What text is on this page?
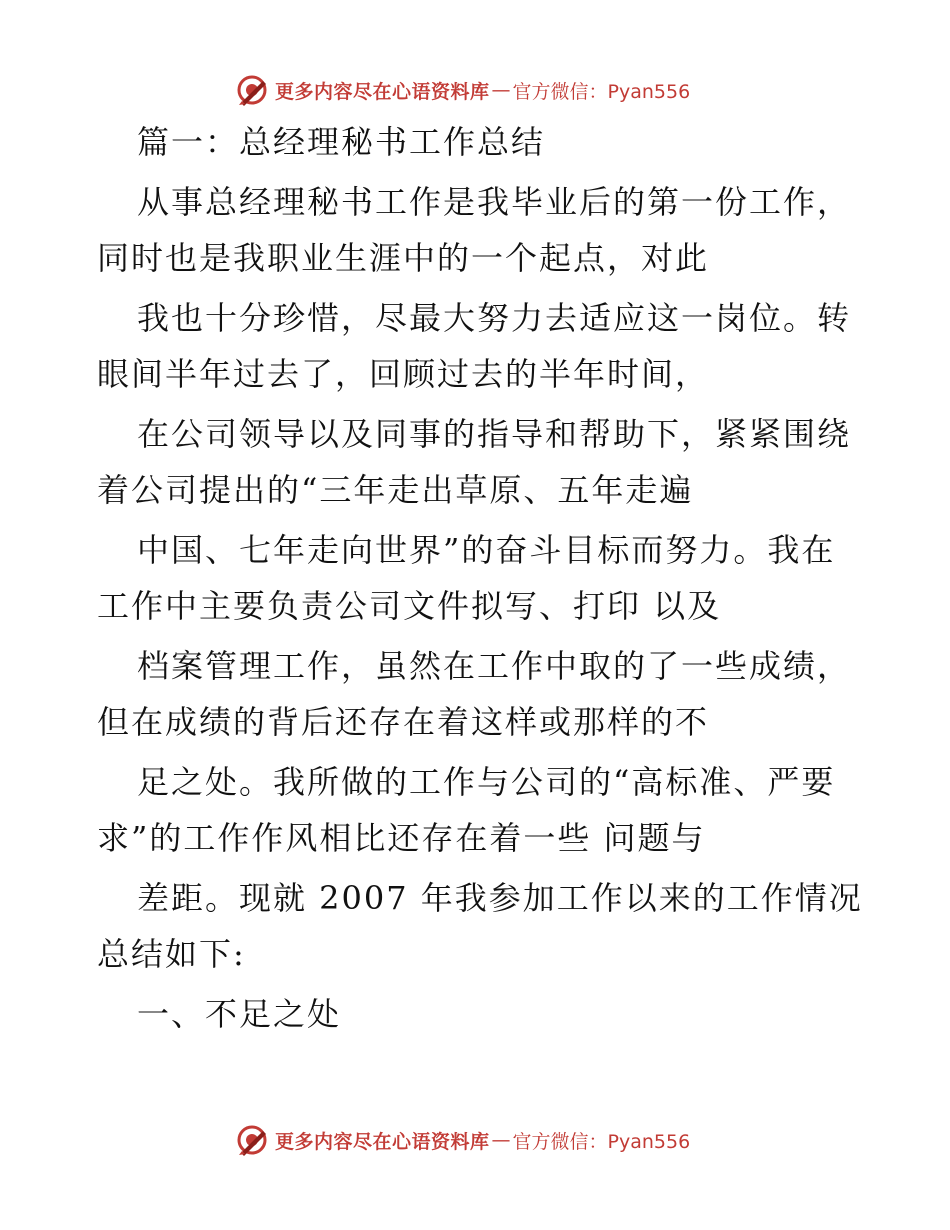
更多内容尽在心语资料库 — 官方微信：Pyan556
篇一：总经理秘书工作总结
从事总经理秘书工作是我毕业后的第一份工作，
同时也是我职业生涯中的一个起点，对此
我也十分珍惜，尽最大努力去适应这一岗位。转
眼间半年过去了，回顾过去的半年时间，
在公司领导以及同事的指导和帮助下，紧紧围绕
着公司提出的“三年走出草原、五年走遍
中国、七年走向世界”的奋斗目标而努力。我在
工作中主要负责公司文件拟写、打印 以及
档案管理工作，虽然在工作中取的了一些成绩，
但在成绩的背后还存在着这样或那样的不
足之处。我所做的工作与公司的“高标准、严要
求”的工作作风相比还存在着一些 问题与
差距。现就 2007 年我参加工作以来的工作情况
总结如下:
一、不足之处
更多内容尽在心语资料库 — 官方微信：Pyan556
